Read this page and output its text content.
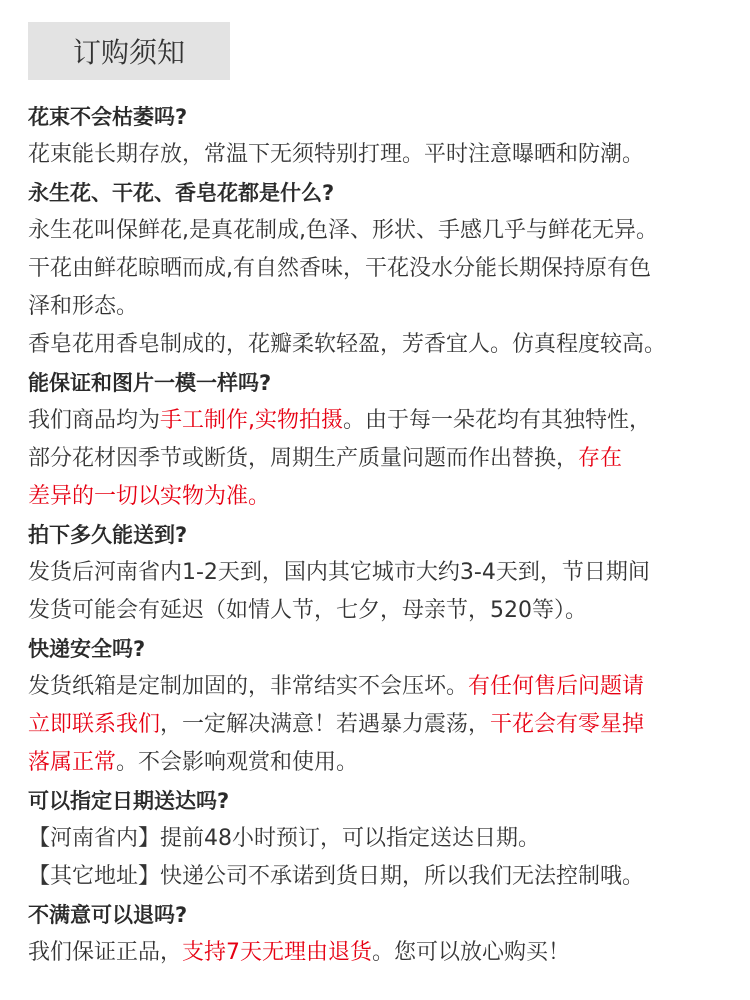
订购须知
花束不会枯萎吗?
花束能长期存放，常温下无须特别打理。平时注意曝晒和防潮。
永生花、干花、香皂花都是什么?
永生花叫保鲜花,是真花制成,色泽、形状、手感几乎与鲜花无异。
干花由鲜花晾晒而成,有自然香味，干花没水分能长期保持原有色
泽和形态。
香皂花用香皂制成的，花瓣柔软轻盈，芳香宜人。仿真程度较高。
能保证和图片一模一样吗?
我们商品均为手工制作,实物拍摄。由于每一朵花均有其独特性，
部分花材因季节或断货，周期生产质量问题而作出替换，存在
差异的一切以实物为准。
拍下多久能送到?
发货后河南省内1-2天到，国内其它城市大约3-4天到，节日期间
发货可能会有延迟（如情人节，七夕，母亲节，520等）。
快递安全吗?
发货纸箱是定制加固的，非常结实不会压坏。有任何售后问题请
立即联系我们，一定解决满意！若遇暴力震荡，干花会有零星掉
落属正常。不会影响观赏和使用。
可以指定日期送达吗?
【河南省内】提前48小时预订，可以指定送达日期。
【其它地址】快递公司不承诺到货日期，所以我们无法控制哦。
不满意可以退吗?
我们保证正品，支持7天无理由退货。您可以放心购买！
